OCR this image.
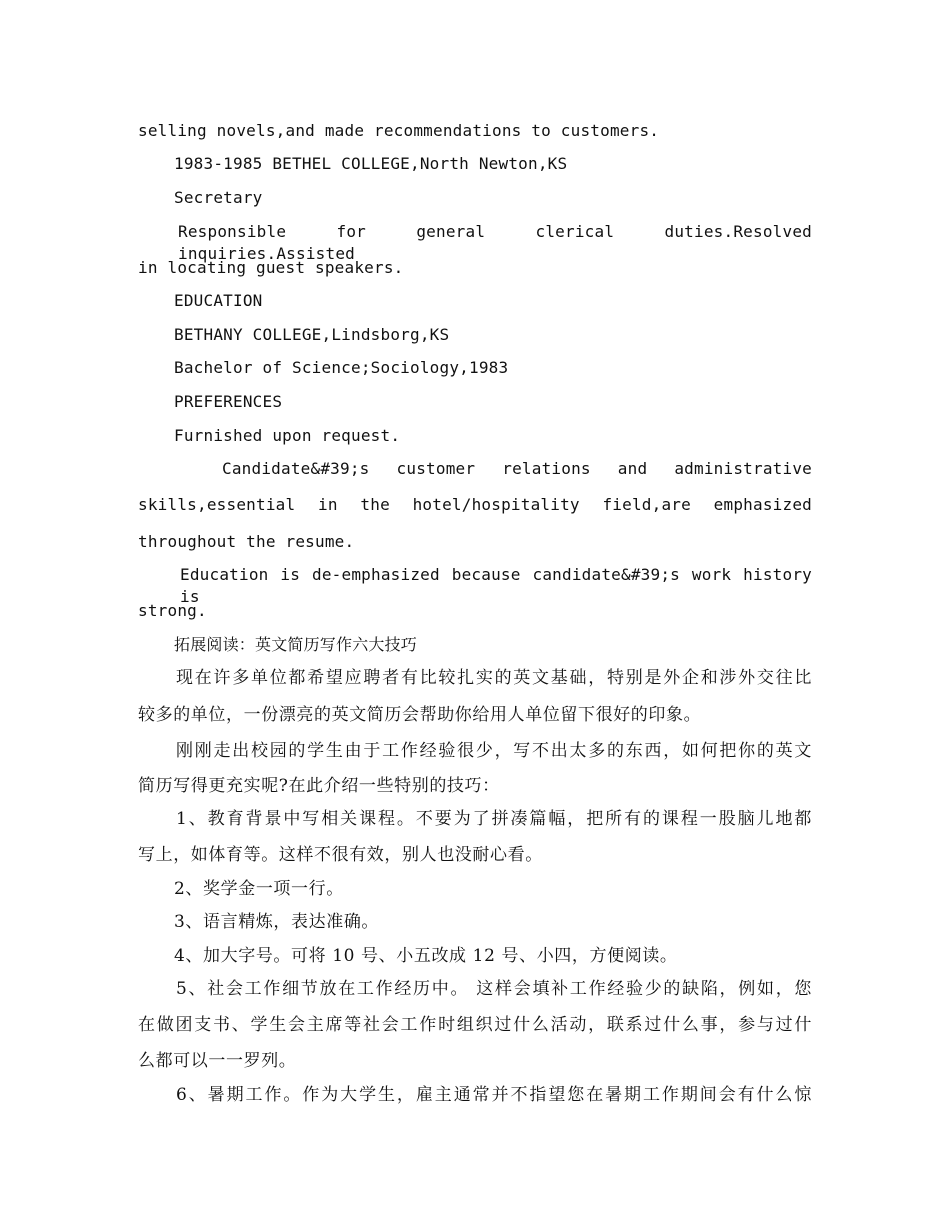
selling novels,and made recommendations to customers.
1983-1985 BETHEL COLLEGE,North Newton,KS
Secretary
Responsible for general clerical duties.Resolved inquiries.Assisted
in locating guest speakers.
EDUCATION
BETHANY COLLEGE,Lindsborg,KS
Bachelor of Science;Sociology,1983
PREFERENCES
Furnished upon request.
Candidate&#39;s customer relations and administrative
skills,essential in the hotel/hospitality field,are emphasized
throughout the resume.
Education is de-emphasized because candidate&#39;s work history is
strong.
拓展阅读：英文简历写作六大技巧
现在许多单位都希望应聘者有比较扎实的英文基础，特别是外企和涉外交往比
较多的单位，一份漂亮的英文简历会帮助你给用人单位留下很好的印象。
刚刚走出校园的学生由于工作经验很少，写不出太多的东西，如何把你的英文
简历写得更充实呢?在此介绍一些特别的技巧：
1、教育背景中写相关课程。不要为了拼凑篇幅，把所有的课程一股脑儿地都
写上，如体育等。这样不很有效，别人也没耐心看。
2、奖学金一项一行。
3、语言精炼，表达准确。
4、加大字号。可将 10 号、小五改成 12 号、小四，方便阅读。
5、社会工作细节放在工作经历中。 这样会填补工作经验少的缺陷，例如，您
在做团支书、学生会主席等社会工作时组织过什么活动，联系过什么事，参与过什
么都可以一一罗列。
6、暑期工作。作为大学生，雇主通常并不指望您在暑期工作期间会有什么惊
